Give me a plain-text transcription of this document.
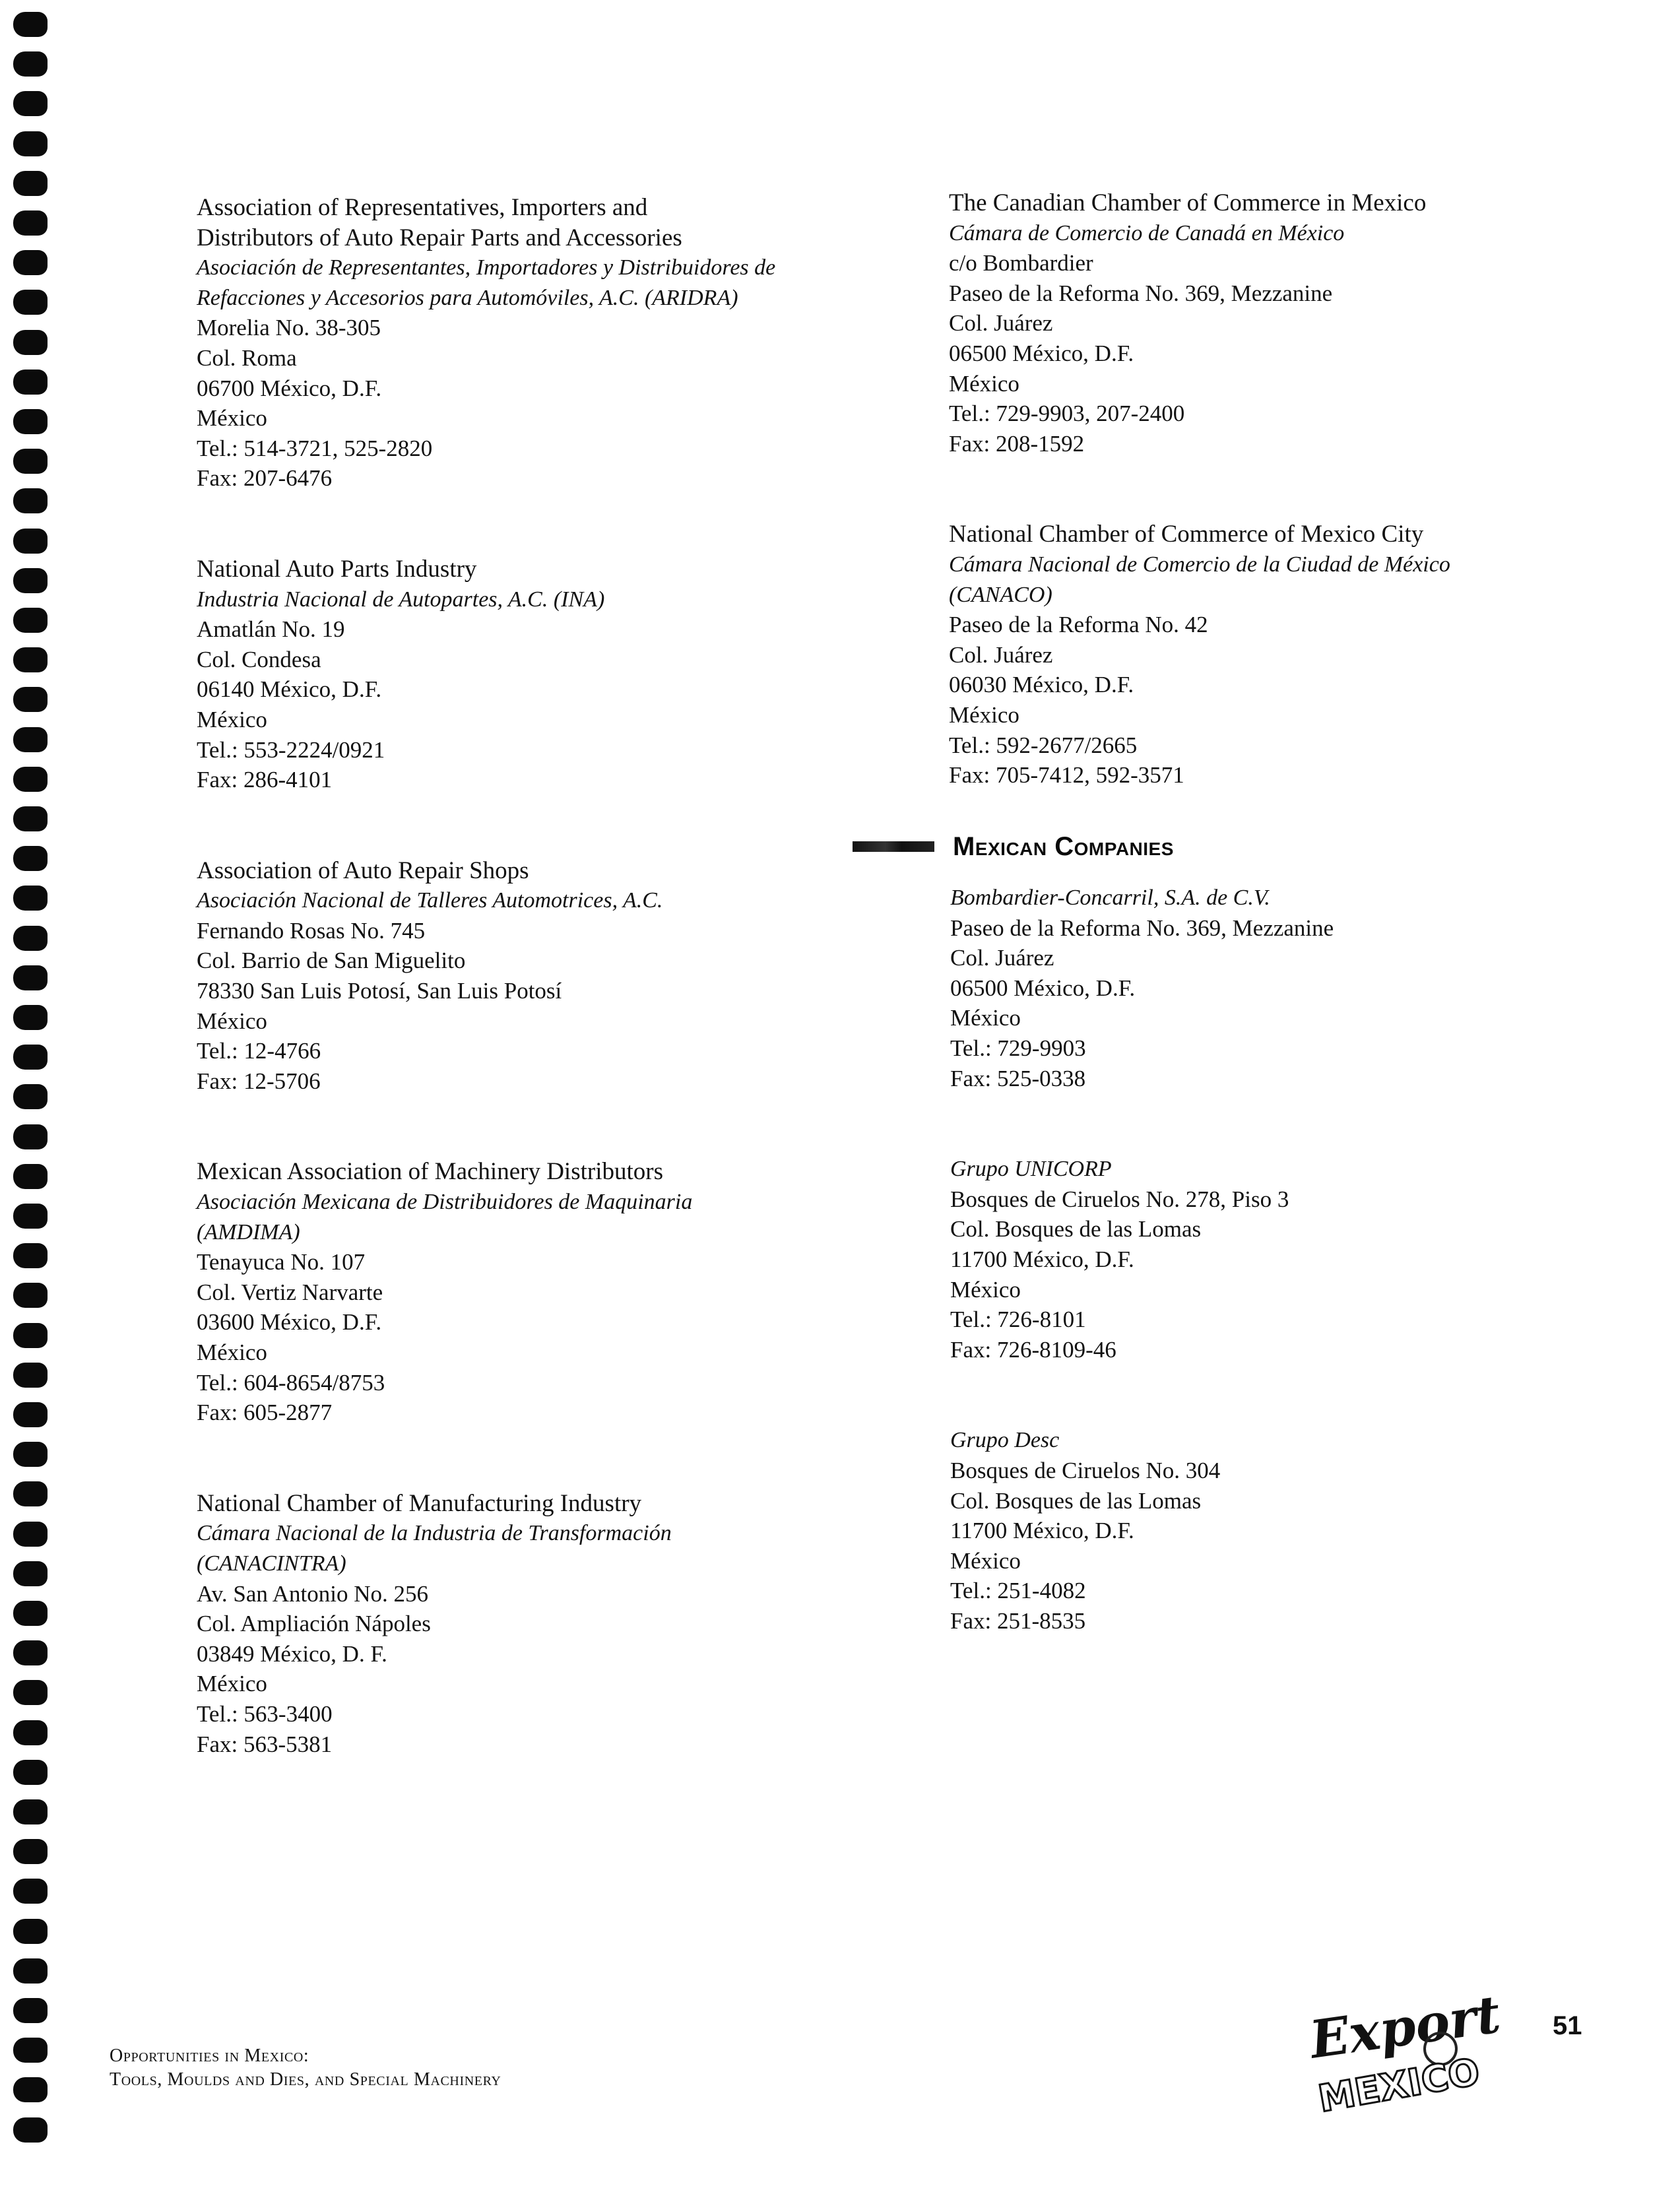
Association of Representatives, Importers and
Distributors of Auto Repair Parts and Accessories
Asociación de Representantes, Importadores y Distribuidores de
Refacciones y Accesorios para Automóviles, A.C. (ARIDRA)
Morelia No. 38-305
Col. Roma
06700 México, D.F.
México
Tel.: 514-3721, 525-2820
Fax: 207-6476
National Auto Parts Industry
Industria Nacional de Autopartes, A.C. (INA)
Amatlán No. 19
Col. Condesa
06140 México, D.F.
México
Tel.: 553-2224/0921
Fax: 286-4101
Association of Auto Repair Shops
Asociación Nacional de Talleres Automotrices, A.C.
Fernando Rosas No. 745
Col. Barrio de San Miguelito
78330 San Luis Potosí, San Luis Potosí
México
Tel.: 12-4766
Fax: 12-5706
Mexican Association of Machinery Distributors
Asociación Mexicana de Distribuidores de Maquinaria
(AMDIMA)
Tenayuca No. 107
Col. Vertiz Narvarte
03600 México, D.F.
México
Tel.: 604-8654/8753
Fax: 605-2877
National Chamber of Manufacturing Industry
Cámara Nacional de la Industria de Transformación
(CANACINTRA)
Av. San Antonio No. 256
Col. Ampliación Nápoles
03849 México, D. F.
México
Tel.: 563-3400
Fax: 563-5381
The Canadian Chamber of Commerce in Mexico
Cámara de Comercio de Canadá en México
c/o Bombardier
Paseo de la Reforma No. 369, Mezzanine
Col. Juárez
06500 México, D.F.
México
Tel.: 729-9903, 207-2400
Fax: 208-1592
National Chamber of Commerce of Mexico City
Cámara Nacional de Comercio de la Ciudad de México
(CANACO)
Paseo de la Reforma No. 42
Col. Juárez
06030 México, D.F.
México
Tel.: 592-2677/2665
Fax: 705-7412, 592-3571
Mexican Companies
Bombardier-Concarril, S.A. de C.V.
Paseo de la Reforma No. 369, Mezzanine
Col. Juárez
06500 México, D.F.
México
Tel.: 729-9903
Fax: 525-0338
Grupo UNICORP
Bosques de Ciruelos No. 278, Piso 3
Col. Bosques de las Lomas
11700 México, D.F.
México
Tel.: 726-8101
Fax: 726-8109-46
Grupo Desc
Bosques de Ciruelos No. 304
Col. Bosques de las Lomas
11700 México, D.F.
México
Tel.: 251-4082
Fax: 251-8535
Opportunities in Mexico:
Tools, Moulds and Dies, and Special Machinery
Export
MEXICO
51
